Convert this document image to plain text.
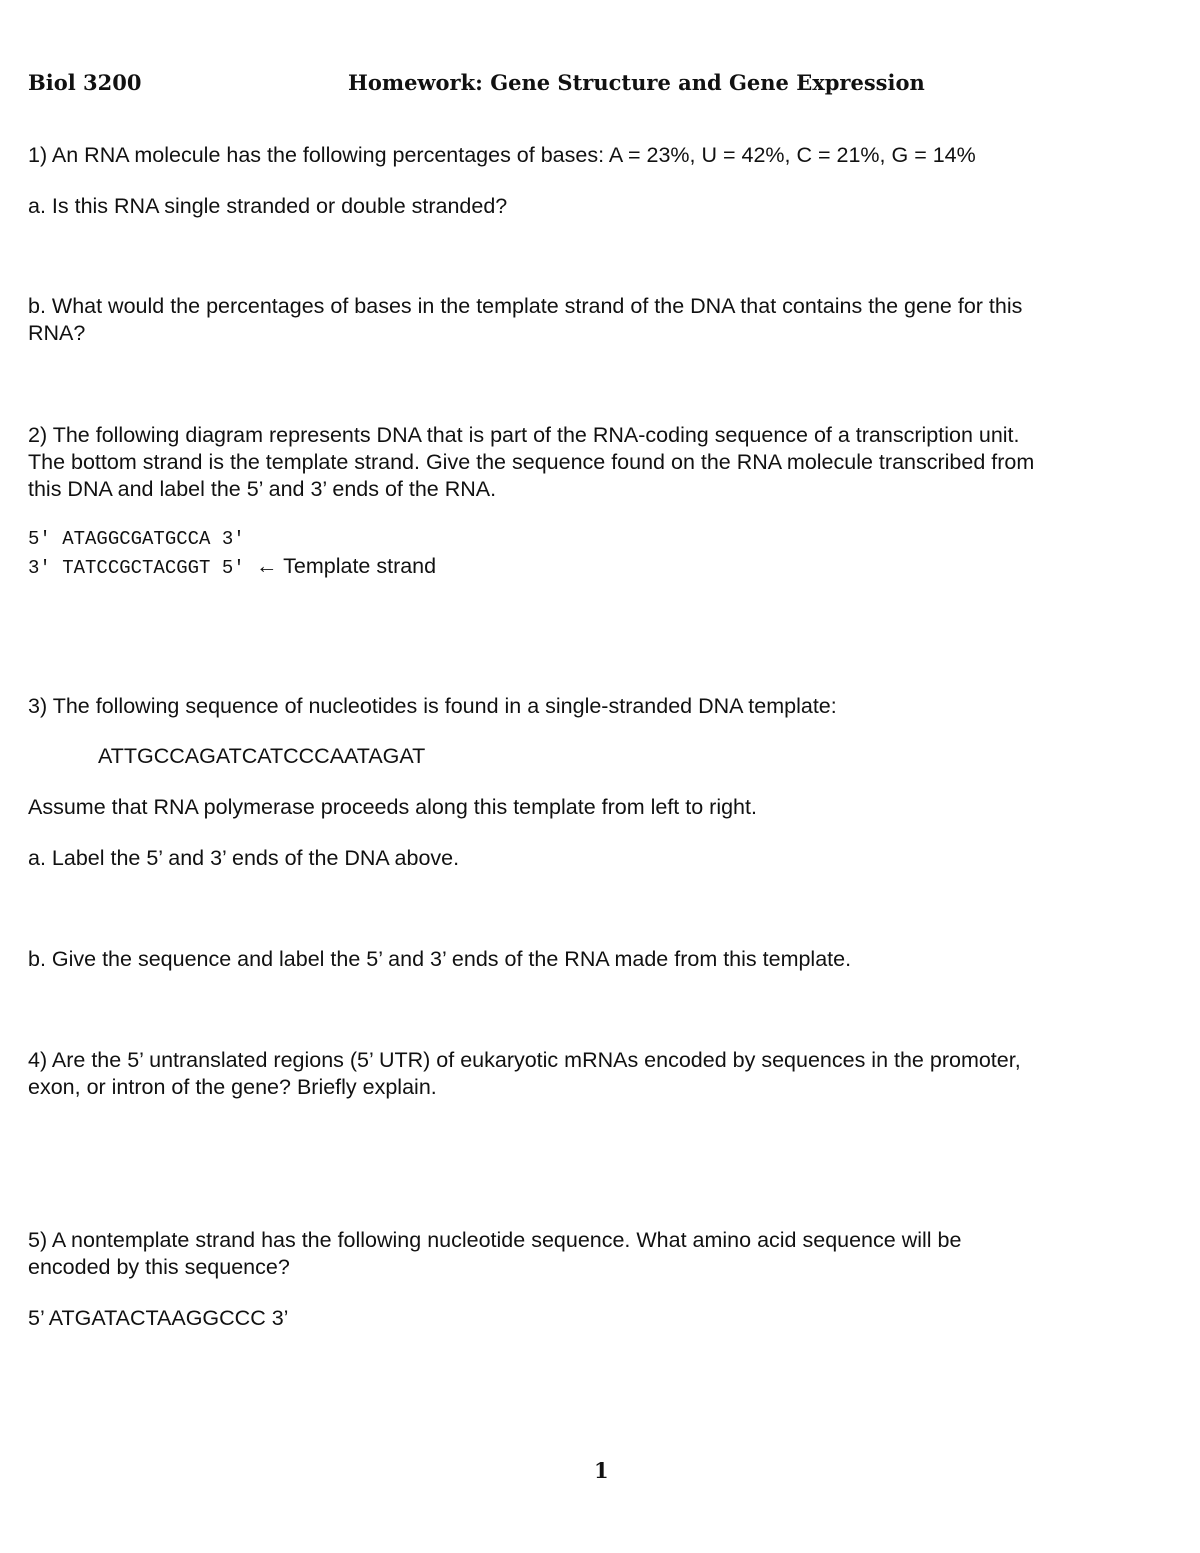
Biol 3200	Homework: Gene Structure and Gene Expression
1) An RNA molecule has the following percentages of bases: A = 23%, U = 42%, C = 21%, G = 14%
a. Is this RNA single stranded or double stranded?
b. What would the percentages of bases in the template strand of the DNA that contains the gene for this
RNA?
2) The following diagram represents DNA that is part of the RNA-coding sequence of a transcription unit.
The bottom strand is the template strand. Give the sequence found on the RNA molecule transcribed from
this DNA and label the 5’ and 3’ ends of the RNA.
5′ ATAGGCGATGCCA 3′
3′ TATCCGCTACGGT 5′ ← Template strand
3) The following sequence of nucleotides is found in a single-stranded DNA template:
ATTGCCAGATCATCCCAATAGAT
Assume that RNA polymerase proceeds along this template from left to right.
a. Label the 5’ and 3’ ends of the DNA above.
b. Give the sequence and label the 5’ and 3’ ends of the RNA made from this template.
4) Are the 5’ untranslated regions (5’ UTR) of eukaryotic mRNAs encoded by sequences in the promoter,
exon, or intron of the gene? Briefly explain.
5) A nontemplate strand has the following nucleotide sequence. What amino acid sequence will be
encoded by this sequence?
5’ ATGATACTAAGGCCC 3’
1
